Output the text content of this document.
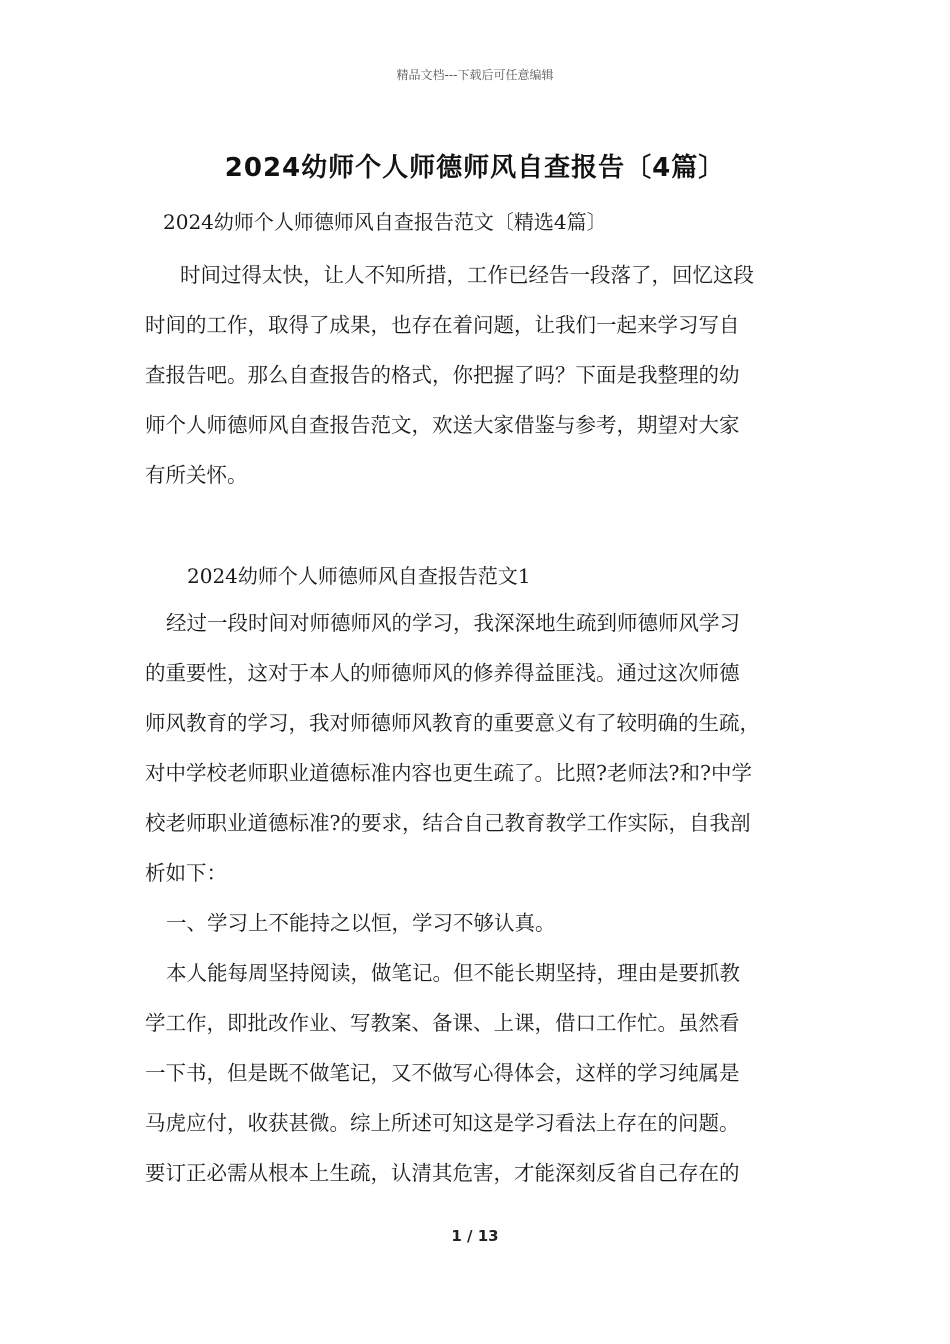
精品文档---下载后可任意编辑
2024幼师个人师德师风自查报告〔4篇〕
2024幼师个人师德师风自查报告范文〔精选4篇〕
时间过得太快，让人不知所措，工作已经告一段落了，回忆这段
时间的工作，取得了成果，也存在着问题，让我们一起来学习写自
查报告吧。那么自查报告的格式，你把握了吗？下面是我整理的幼
师个人师德师风自查报告范文，欢送大家借鉴与参考，期望对大家
有所关怀。
2024幼师个人师德师风自查报告范文1
经过一段时间对师德师风的学习，我深深地生疏到师德师风学习
的重要性，这对于本人的师德师风的修养得益匪浅。通过这次师德
师风教育的学习，我对师德师风教育的重要意义有了较明确的生疏，
对中学校老师职业道德标准内容也更生疏了。比照?老师法?和?中学
校老师职业道德标准?的要求，结合自己教育教学工作实际，自我剖
析如下：
一、学习上不能持之以恒，学习不够认真。
本人能每周坚持阅读，做笔记。但不能长期坚持，理由是要抓教
学工作，即批改作业、写教案、备课、上课，借口工作忙。虽然看
一下书，但是既不做笔记，又不做写心得体会，这样的学习纯属是
马虎应付，收获甚微。综上所述可知这是学习看法上存在的问题。
要订正必需从根本上生疏，认清其危害，才能深刻反省自己存在的
1 / 13
